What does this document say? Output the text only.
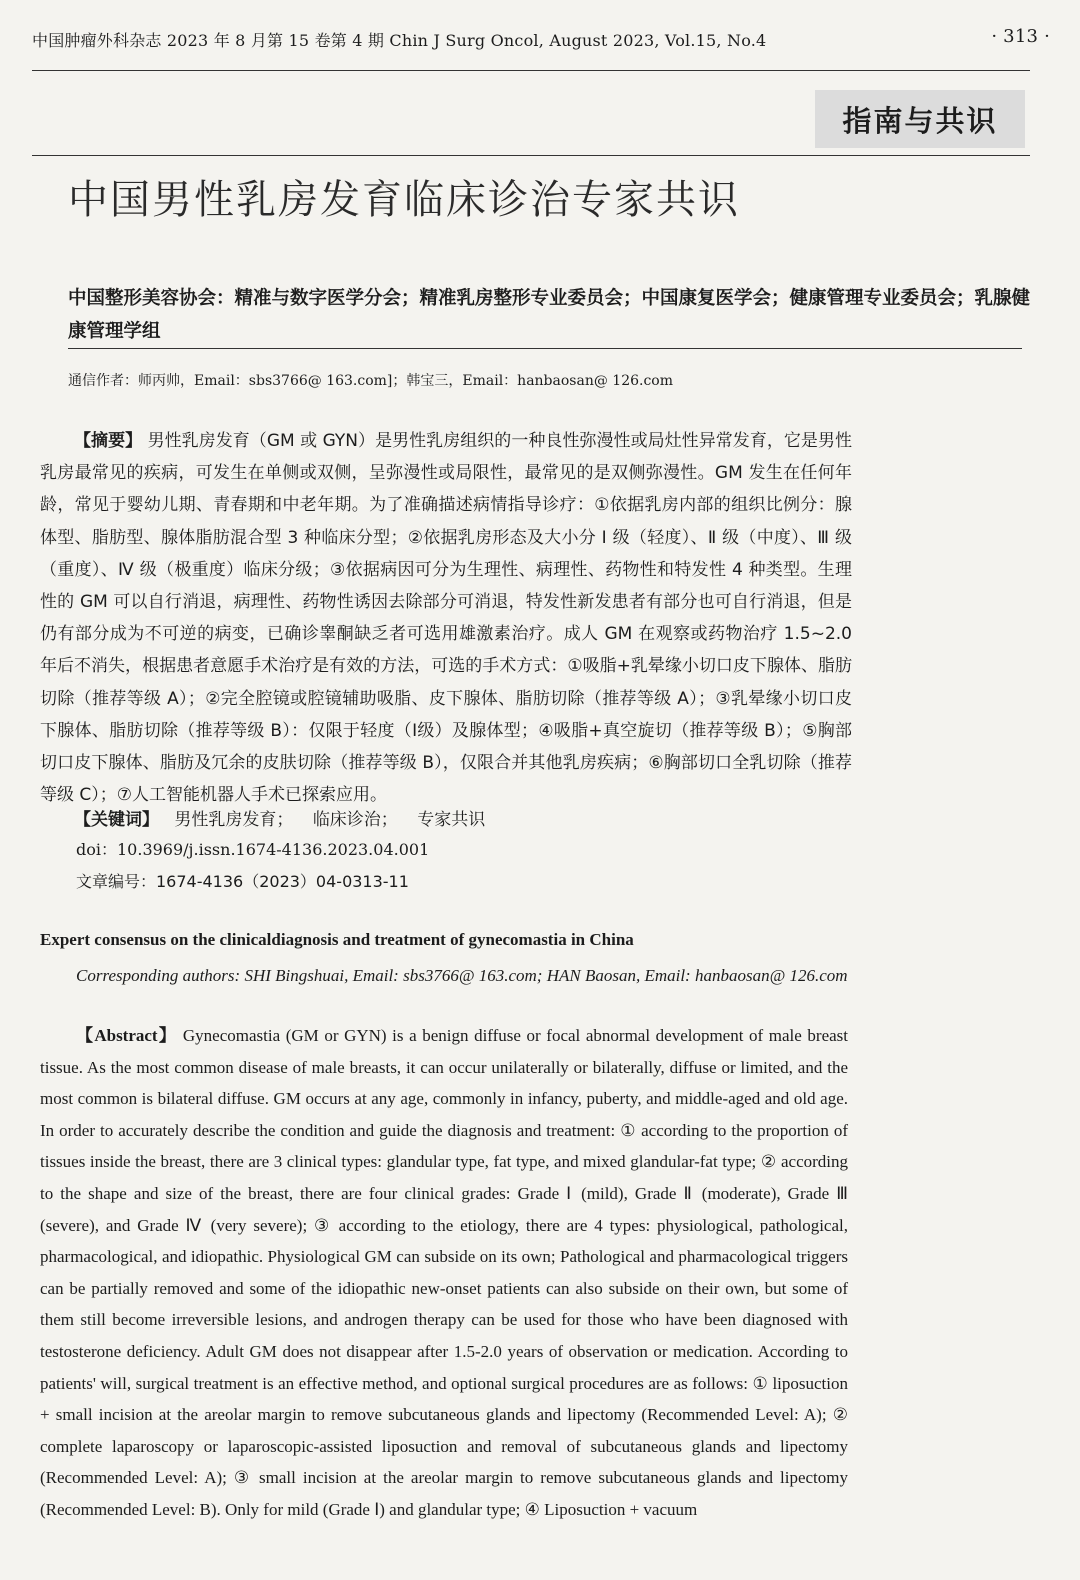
中国肿瘤外科杂志 2023 年 8 月第 15 卷第 4 期 Chin J Surg Oncol, August 2023, Vol.15, No.4	· 313 ·
指南与共识
中国男性乳房发育临床诊治专家共识
中国整形美容协会：精准与数字医学分会；精准乳房整形专业委员会；中国康复医学会；健康管理专业委员会；乳腺健康管理学组
通信作者：师丙帅，Email：sbs3766@ 163.com]；韩宝三，Email：hanbaosan@ 126.com
【摘要】 男性乳房发育（GM 或 GYN）是男性乳房组织的一种良性弥漫性或局灶性异常发育，它是男性乳房最常见的疾病，可发生在单侧或双侧，呈弥漫性或局限性，最常见的是双侧弥漫性。GM 发生在任何年龄，常见于婴幼儿期、青春期和中老年期。为了准确描述病情指导诊疗：①依据乳房内部的组织比例分：腺体型、脂肪型、腺体脂肪混合型 3 种临床分型；②依据乳房形态及大小分 Ⅰ 级（轻度）、Ⅱ 级（中度）、Ⅲ 级（重度）、Ⅳ 级（极重度）临床分级；③依据病因可分为生理性、病理性、药物性和特发性 4 种类型。生理性的 GM 可以自行消退，病理性、药物性诱因去除部分可消退，特发性新发患者有部分也可自行消退，但是仍有部分成为不可逆的病变，已确诊睾酮缺乏者可选用雄激素治疗。成人 GM 在观察或药物治疗 1.5~2.0 年后不消失，根据患者意愿手术治疗是有效的方法，可选的手术方式：①吸脂+乳晕缘小切口皮下腺体、脂肪切除（推荐等级 A）；②完全腔镜或腔镜辅助吸脂、皮下腺体、脂肪切除（推荐等级 A）；③乳晕缘小切口皮下腺体、脂肪切除（推荐等级 B）：仅限于轻度（Ⅰ级）及腺体型；④吸脂+真空旋切（推荐等级 B）；⑤胸部切口皮下腺体、脂肪及冗余的皮肤切除（推荐等级 B），仅限合并其他乳房疾病；⑥胸部切口全乳切除（推荐等级 C）；⑦人工智能机器人手术已探索应用。
【关键词】 男性乳房发育； 临床诊治； 专家共识
doi：10.3969/j.issn.1674-4136.2023.04.001
文章编号：1674-4136（2023）04-0313-11
Expert consensus on the clinicaldiagnosis and treatment of gynecomastia in China
Corresponding authors: SHI Bingshuai, Email: sbs3766@ 163.com; HAN Baosan, Email: hanbaosan@ 126.com
【Abstract】 Gynecomastia (GM or GYN) is a benign diffuse or focal abnormal development of male breast tissue. As the most common disease of male breasts, it can occur unilaterally or bilaterally, diffuse or limited, and the most common is bilateral diffuse. GM occurs at any age, commonly in infancy, puberty, and middle-aged and old age. In order to accurately describe the condition and guide the diagnosis and treatment: ① according to the proportion of tissues inside the breast, there are 3 clinical types: glandular type, fat type, and mixed glandular-fat type; ② according to the shape and size of the breast, there are four clinical grades: Grade Ⅰ (mild), Grade Ⅱ (moderate), Grade Ⅲ (severe), and Grade Ⅳ (very severe); ③ according to the etiology, there are 4 types: physiological, pathological, pharmacological, and idiopathic. Physiological GM can subside on its own; Pathological and pharmacological triggers can be partially removed and some of the idiopathic new-onset patients can also subside on their own, but some of them still become irreversible lesions, and androgen therapy can be used for those who have been diagnosed with testosterone deficiency. Adult GM does not disappear after 1.5-2.0 years of observation or medication. According to patients' will, surgical treatment is an effective method, and optional surgical procedures are as follows: ① liposuction + small incision at the areolar margin to remove subcutaneous glands and lipectomy (Recommended Level: A); ② complete laparoscopy or laparoscopic-assisted liposuction and removal of subcutaneous glands and lipectomy (Recommended Level: A); ③ small incision at the areolar margin to remove subcutaneous glands and lipectomy (Recommended Level: B). Only for mild (Grade Ⅰ) and glandular type; ④ Liposuction + vacuum
